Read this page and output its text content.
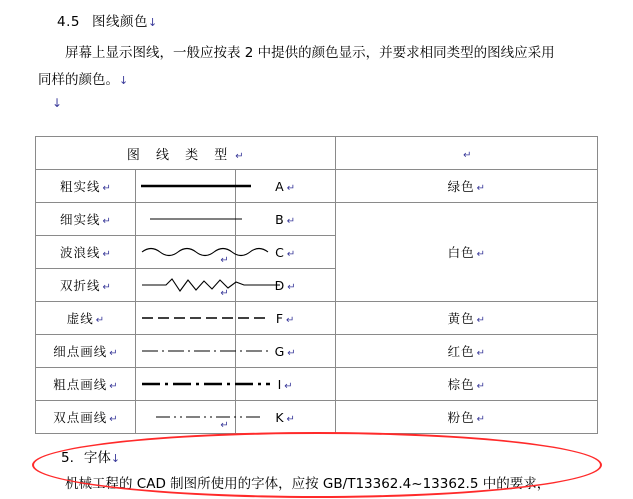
4.5 图线颜色↓
屏幕上显示图线，一般应按表 2 中提供的颜色显示，并要求相同类型的图线应采用
同样的颜色。↓
↓
图 线 类 型 ↵			↵
粗实线 ↵		A ↵	绿色 ↵
细实线 ↵		B ↵	白色 ↵
波浪线 ↵	↵	C ↵	
双折线 ↵	↵	D ↵	
虚线 ↵		F ↵	黄色 ↵
细点画线 ↵		G ↵	红色 ↵
粗点画线 ↵		I ↵	棕色 ↵
双点画线 ↵	↵	K ↵	粉色 ↵
5. 字体↓
机械工程的 CAD 制图所使用的字体，应按 GB/T13362.4~13362.5 中的要求，
